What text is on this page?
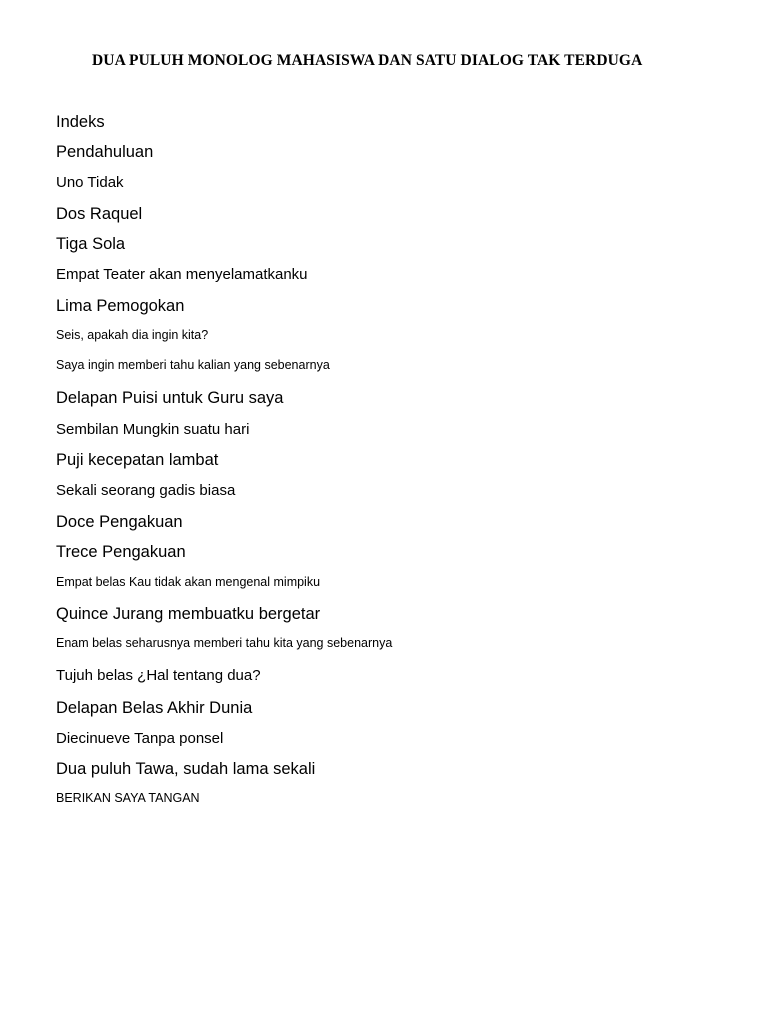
DUA PULUH MONOLOG MAHASISWA DAN SATU DIALOG TAK TERDUGA
Indeks
Pendahuluan
Uno Tidak
Dos Raquel
Tiga Sola
Empat Teater akan menyelamatkanku
Lima Pemogokan
Seis, apakah dia ingin kita?
Saya ingin memberi tahu kalian yang sebenarnya
Delapan Puisi untuk Guru saya
Sembilan Mungkin suatu hari
Puji kecepatan lambat
Sekali seorang gadis biasa
Doce Pengakuan
Trece Pengakuan
Empat belas Kau tidak akan mengenal mimpiku
Quince Jurang membuatku bergetar
Enam belas seharusnya memberi tahu kita yang sebenarnya
Tujuh belas ¿Hal tentang dua?
Delapan Belas Akhir Dunia
Diecinueve Tanpa ponsel
Dua puluh Tawa, sudah lama sekali
BERIKAN SAYA TANGAN
